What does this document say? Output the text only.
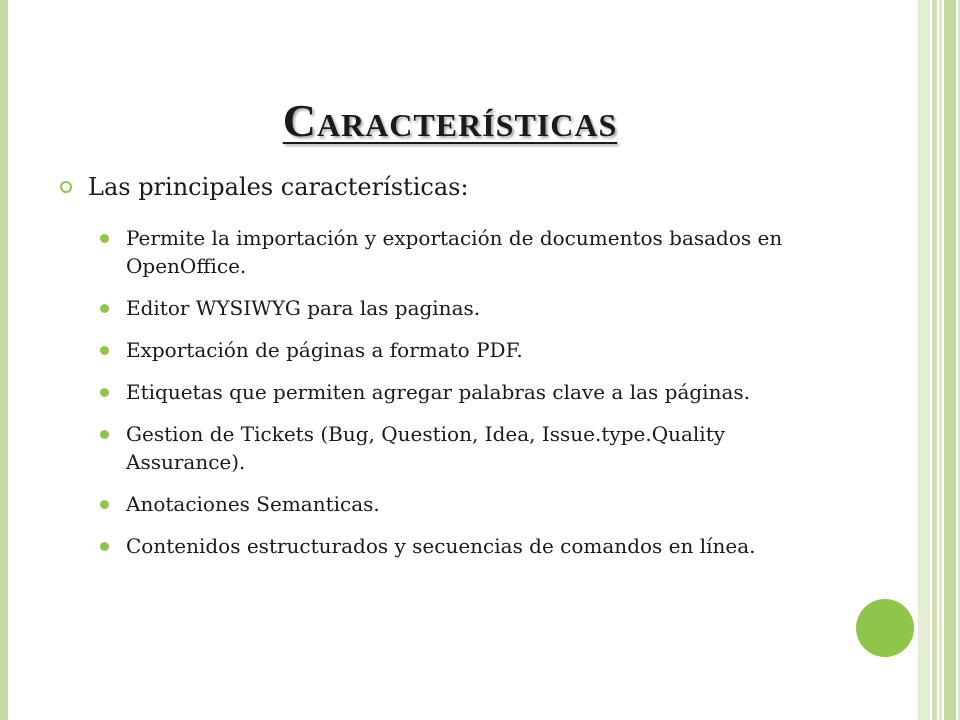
Características
Las principales características:
Permite la importación y exportación de documentos basados en OpenOffice.
Editor WYSIWYG para las paginas.
Exportación de páginas a formato PDF.
Etiquetas que permiten agregar palabras clave a las páginas.
Gestion de Tickets (Bug, Question, Idea, Issue.type.Quality Assurance).
Anotaciones Semanticas.
Contenidos estructurados y secuencias de comandos en línea.
